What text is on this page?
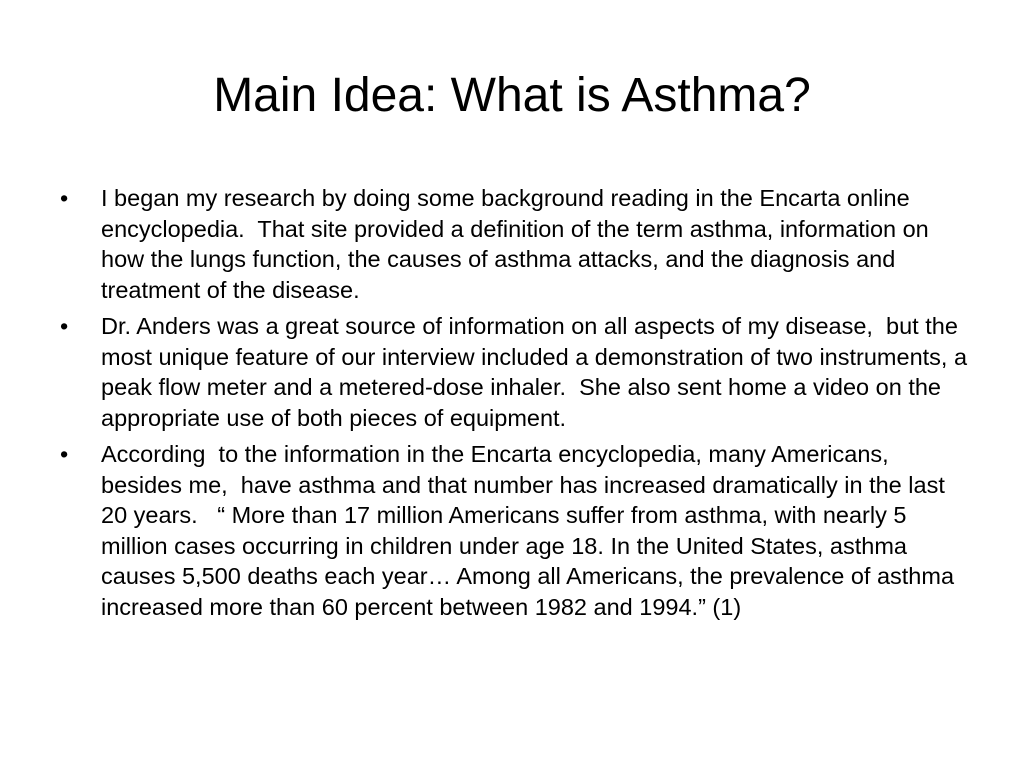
Main Idea: What is Asthma?
• I began my research by doing some background reading in the Encarta online encyclopedia.  That site provided a definition of the term asthma, information on how the lungs function, the causes of asthma attacks, and the diagnosis and treatment of the disease.
• Dr. Anders was a great source of information on all aspects of my disease,  but the most unique feature of our interview included a demonstration of two instruments, a peak flow meter and a metered-dose inhaler.  She also sent home a video on the appropriate use of both pieces of equipment.
• According  to the information in the Encarta encyclopedia, many Americans, besides me,  have asthma and that number has increased dramatically in the last 20 years.   “ More than 17 million Americans suffer from asthma, with nearly 5 million cases occurring in children under age 18. In the United States, asthma causes 5,500 deaths each year… Among all Americans, the prevalence of asthma increased more than 60 percent between 1982 and 1994.” (1)
